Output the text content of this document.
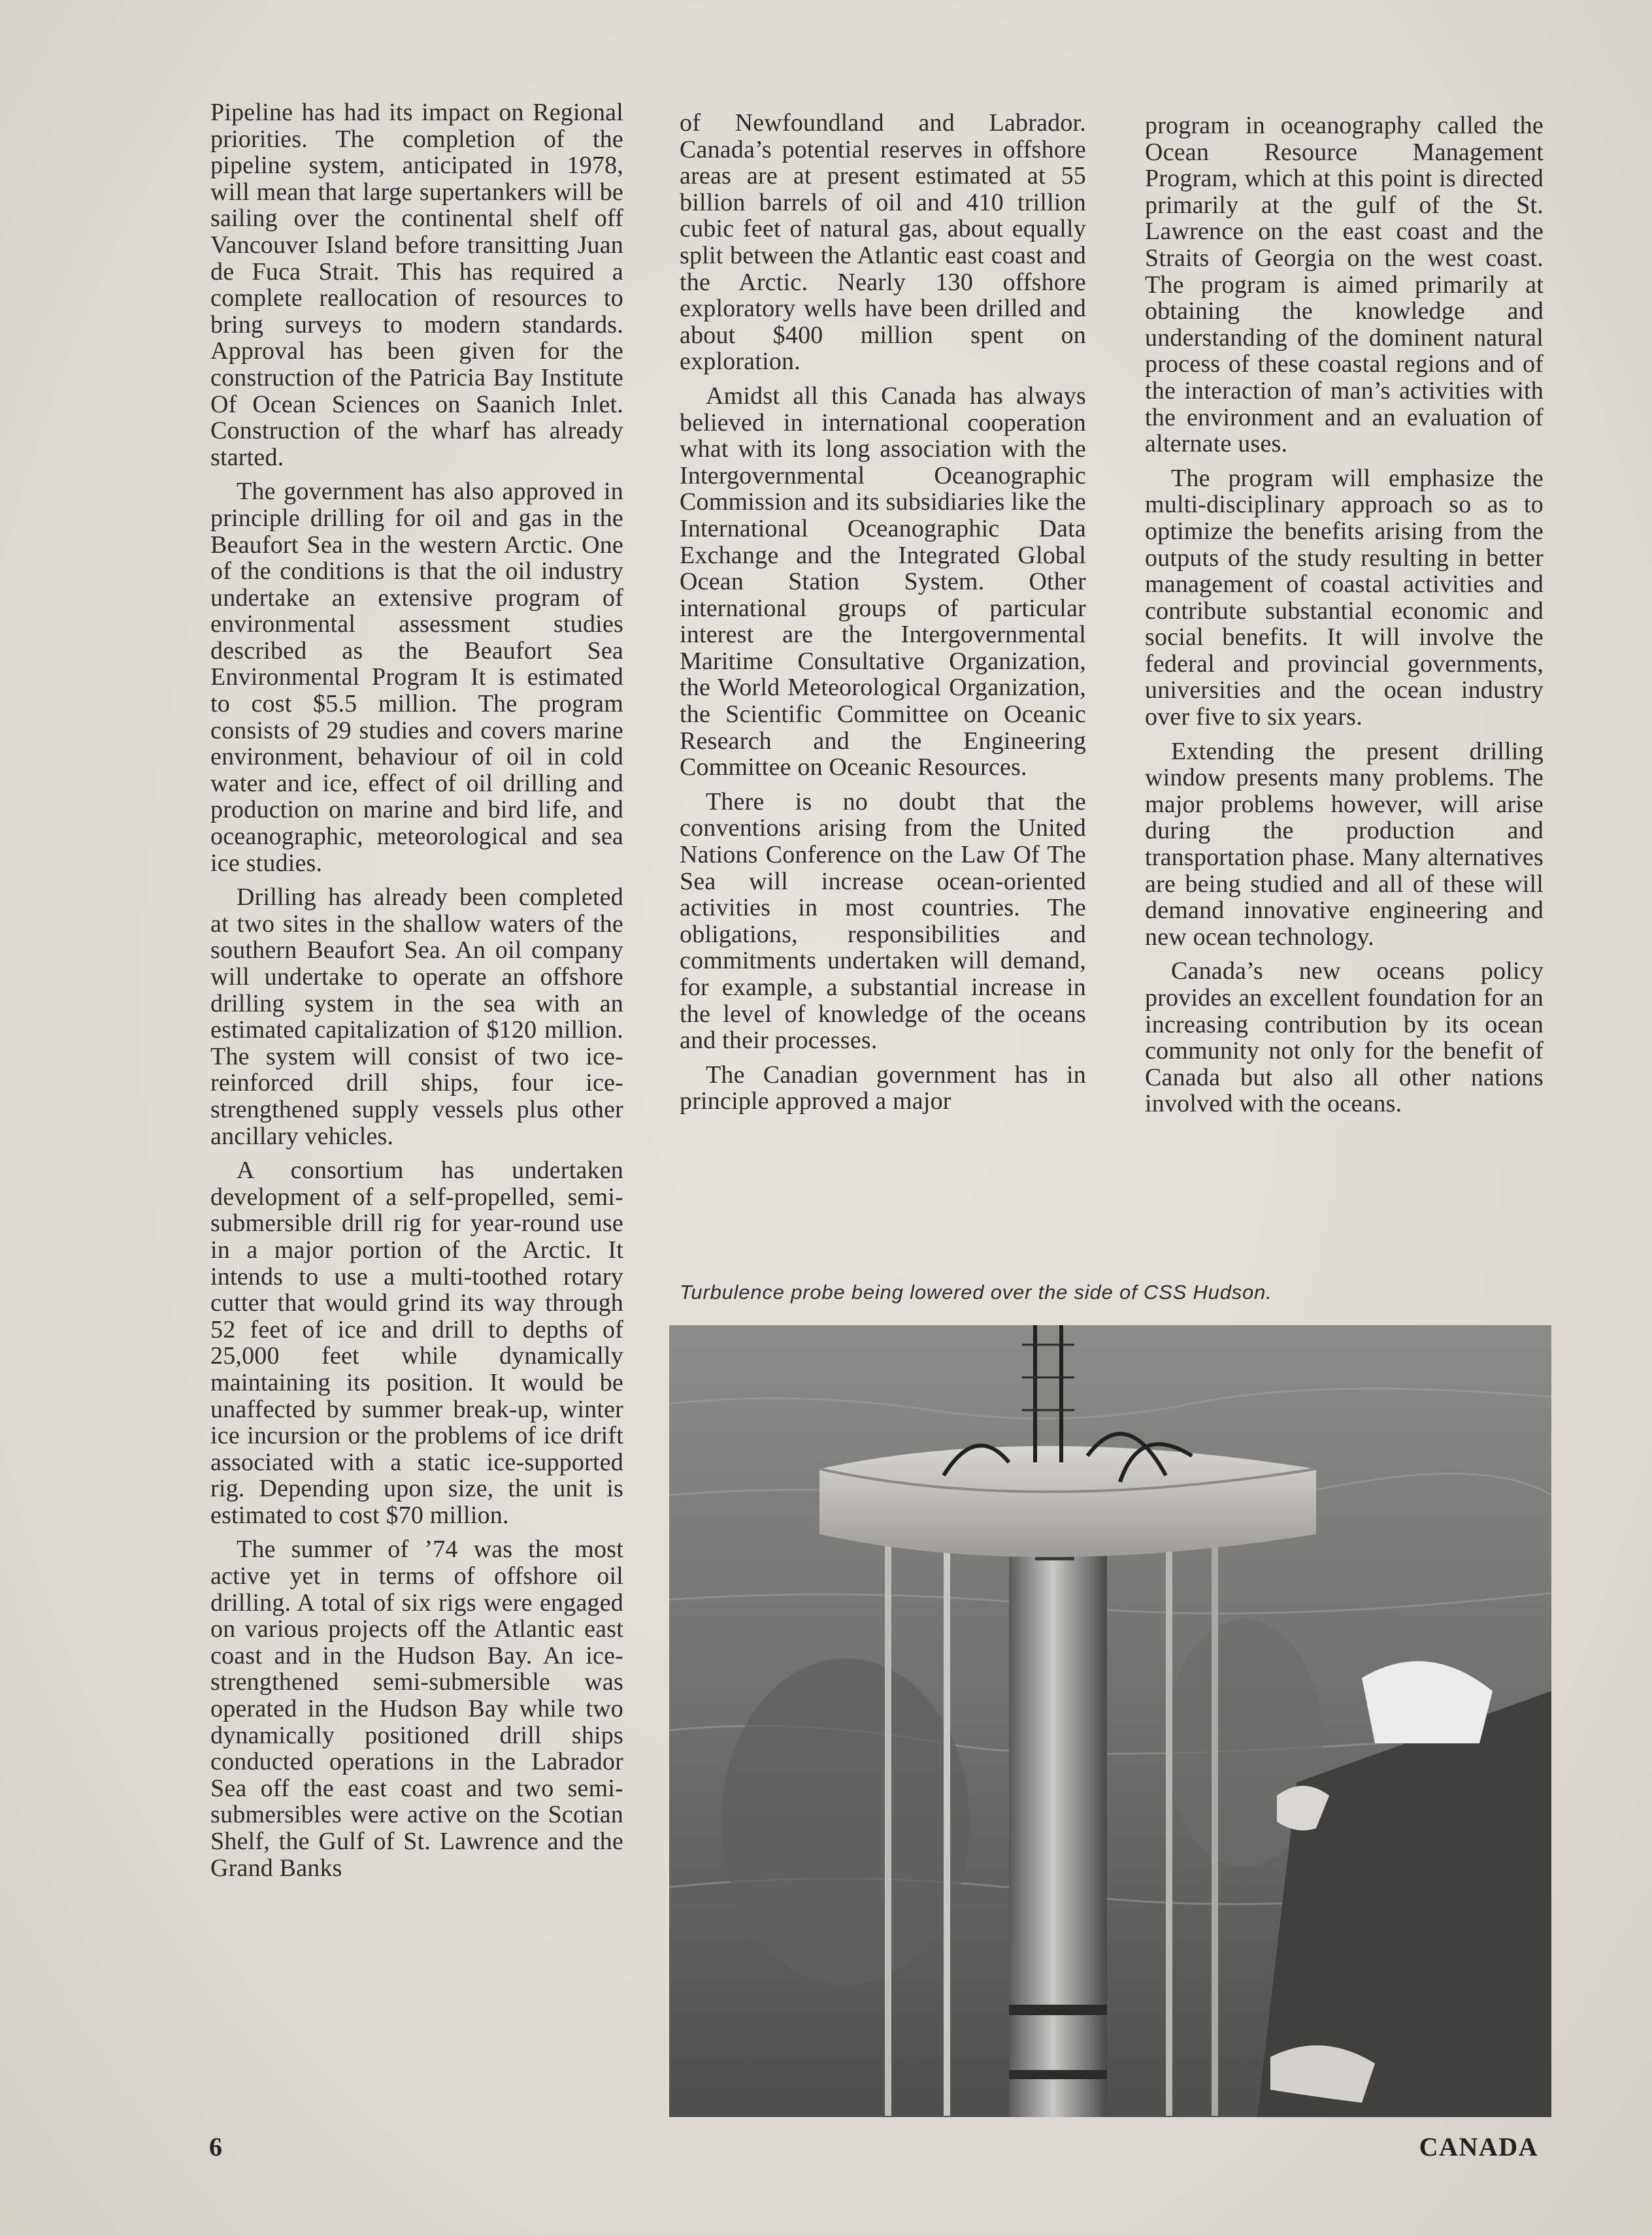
Pipeline has had its impact on Regional priorities. The completion of the pipeline system, anticipated in 1978, will mean that large supertankers will be sailing over the continental shelf off Vancouver Island before transitting Juan de Fuca Strait. This has required a complete reallocation of resources to bring surveys to modern standards. Approval has been given for the construction of the Patricia Bay Institute Of Ocean Sciences on Saanich Inlet. Construction of the wharf has already started.

The government has also approved in principle drilling for oil and gas in the Beaufort Sea in the western Arctic. One of the conditions is that the oil industry undertake an extensive program of environmental assessment studies described as the Beaufort Sea Environmental Program It is estimated to cost $5.5 million. The program consists of 29 studies and covers marine environment, behaviour of oil in cold water and ice, effect of oil drilling and production on marine and bird life, and oceanographic, meteorological and sea ice studies.

Drilling has already been completed at two sites in the shallow waters of the southern Beaufort Sea. An oil company will undertake to operate an offshore drilling system in the sea with an estimated capitalization of $120 million. The system will consist of two ice-reinforced drill ships, four ice-strengthened supply vessels plus other ancillary vehicles.

A consortium has undertaken development of a self-propelled, semi-submersible drill rig for year-round use in a major portion of the Arctic. It intends to use a multi-toothed rotary cutter that would grind its way through 52 feet of ice and drill to depths of 25,000 feet while dynamically maintaining its position. It would be unaffected by summer break-up, winter ice incursion or the problems of ice drift associated with a static ice-supported rig. Depending upon size, the unit is estimated to cost $70 million.

The summer of ’74 was the most active yet in terms of offshore oil drilling. A total of six rigs were engaged on various projects off the Atlantic east coast and in the Hudson Bay. An ice-strengthened semi-submersible was operated in the Hudson Bay while two dynamically positioned drill ships conducted operations in the Labrador Sea off the east coast and two semi-submersibles were active on the Scotian Shelf, the Gulf of St. Lawrence and the Grand Banks

of Newfoundland and Labrador. Canada’s potential reserves in offshore areas are at present estimated at 55 billion barrels of oil and 410 trillion cubic feet of natural gas, about equally split between the Atlantic east coast and the Arctic. Nearly 130 offshore exploratory wells have been drilled and about $400 million spent on exploration.

Amidst all this Canada has always believed in international cooperation what with its long association with the Intergovernmental Oceanographic Commission and its subsidiaries like the International Oceanographic Data Exchange and the Integrated Global Ocean Station System. Other international groups of particular interest are the Intergovernmental Maritime Consultative Organization, the World Meteorological Organization, the Scientific Committee on Oceanic Research and the Engineering Committee on Oceanic Resources.

There is no doubt that the conventions arising from the United Nations Conference on the Law Of The Sea will increase ocean-oriented activities in most countries. The obligations, responsibilities and commitments undertaken will demand, for example, a substantial increase in the level of knowledge of the oceans and their processes.

The Canadian government has in principle approved a major

program in oceanography called the Ocean Resource Management Program, which at this point is directed primarily at the gulf of the St. Lawrence on the east coast and the Straits of Georgia on the west coast. The program is aimed primarily at obtaining the knowledge and understanding of the dominent natural process of these coastal regions and of the interaction of man’s activities with the environment and an evaluation of alternate uses.

The program will emphasize the multi-disciplinary approach so as to optimize the benefits arising from the outputs of the study resulting in better management of coastal activities and contribute substantial economic and social benefits. It will involve the federal and provincial governments, universities and the ocean industry over five to six years.

Extending the present drilling window presents many problems. The major problems however, will arise during the production and transportation phase. Many alternatives are being studied and all of these will demand innovative engineering and new ocean technology.

Canada’s new oceans policy provides an excellent foundation for an increasing contribution by its ocean community not only for the benefit of Canada but also all other nations involved with the oceans.

Turbulence probe being lowered over the side of CSS Hudson.
6	CANADA
